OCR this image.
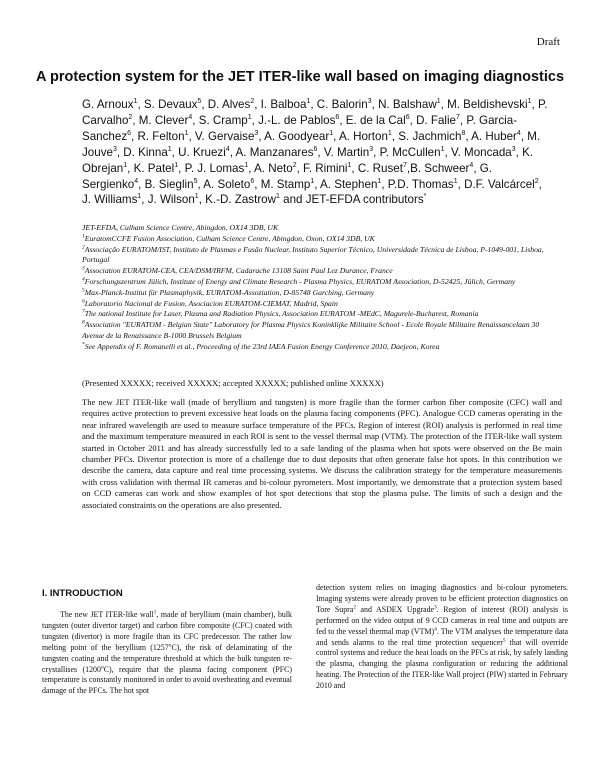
Draft
A protection system for the JET ITER-like wall based on imaging diagnostics
G. Arnoux$^1$, S. Devaux$^5$, D. Alves$^2$, I. Balboa$^1$, C. Balorin$^3$, N. Balshaw$^1$, M. Beldishevski$^1$, P. Carvalho$^2$, M. Clever$^4$, S. Cramp$^1$, J.-L. de Pablos$^6$, E. de la Cal$^6$, D. Falie$^7$, P. Garcia-Sanchez$^6$, R. Felton$^1$, V. Gervaise$^3$, A. Goodyear$^1$, A. Horton$^1$, S. Jachmich$^8$, A. Huber$^4$, M. Jouve$^3$, D. Kinna$^1$, U. Kruezi$^4$, A. Manzanares$^6$, V. Martin$^3$, P. McCullen$^1$, V. Moncada$^3$, K. Obrejan$^1$, K. Patel$^1$, P. J. Lomas$^1$, A. Neto$^2$, F. Rimini$^1$, C. Ruset$^7$,B. Schweer$^4$, G. Sergienko$^4$, B. Sieglin$^5$, A. Soleto$^6$, M. Stamp$^1$, A. Stephen$^1$, P.D. Thomas$^1$, D.F. Valcárcel$^2$, J. Williams$^1$, J. Wilson$^1$, K.-D. Zastrow$^1$ and JET-EFDA contributors*
JET-EFDA, Culham Science Centre, Abingdon, OX14 3DB, UK
$^1$EuratomCCFE Fusion Association, Culham Science Centre, Abingdon, Oxon, OX14 3DB, UK
$^2$Associação EURATOM/IST, Instituto de Plasmas e Fusão Nuclear, Instituto Superior Técnico, Universidade Técnica de Lisboa, P-1049-001, Lisboa, Portugal
$^3$Association EURATOM-CEA, CEA/DSM/IRFM, Cadarache 13108 Saint Paul Lez Durance, France
$^4$Forschungszentrum Jülich, Institute of Energy and Climate Research - Plasma Physics, EURATOM Association, D-52425, Jülich, Germany
$^5$Max-Planck-Institut für Plasmaphysik, EURATOM-Assoziation, D-85748 Garching, Germany
$^6$Laboratorio Nacional de Fusion, Asociacion EURATOM-CIEMAT, Madrid, Spain
$^7$The national Institute for Laser, Plasma and Radiation Physics, Association EURATOM -MEdC, Magurele-Bucharest, Romania
$^8$Association "EURATOM - Belgian State" Laboratory for Plasma Physics Koninklijke Militaire School - Ecole Royale Militaire Renaissancelaan 30 Avenue de la Renaissance B-1000 Brussels Belgium
*See Appendix of F. Romanelli et al., Proceeding of the 23rd IAEA Fusion Energy Conference 2010, Daejeon, Korea
(Presented XXXXX; received XXXXX; accepted XXXXX; published online XXXXX)
The new JET ITER-like wall (made of beryllium and tungsten) is more fragile than the former carbon fiber composite (CFC) wall and requires active protection to prevent excessive heat loads on the plasma facing components (PFC). Analogue CCD cameras operating in the near infrared wavelength are used to measure surface temperature of the PFCs. Region of interest (ROI) analysis is performed in real time and the maximum temperature measured in each ROI is sent to the vessel thermal map (VTM). The protection of the ITER-like wall system started in October 2011 and has already successfully led to a safe landing of the plasma when hot spots were observed on the Be main chamber PFCs. Divertor protection is more of a challenge due to dust deposits that often generate false hot spots. In this contribution we describe the camera, data capture and real time processing systems. We discuss the calibration strategy for the temperature measurements with cross validation with thermal IR cameras and bi-colour pyrometers. Most importantly, we demonstrate that a protection system based on CCD cameras can work and show examples of hot spot detections that stop the plasma pulse. The limits of such a design and the associated constraints on the operations are also presented.
I. INTRODUCTION
The new JET ITER-like wall$^1$, made of beryllium (main chamber), bulk tungsten (outer divertor target) and carbon fibre composite (CFC) coated with tungsten (divertor) is more fragile than its CFC predecessor. The rather low melting point of the beryllium (1257$^o$C), the risk of delaminating of the tungsten coating and the temperature threshold at which the bulk tungsten re-crystallises (1200$^o$C), require that the plasma facing component (PFC) temperature is constantly monitored in order to avoid overheating and eventual damage of the PFCs. The hot spot
detection system relies on imaging diagnostics and bi-colour pyrometers. Imaging systems were already proven to be efficient protection diagnostics on Tore Supra$^2$ and ASDEX Upgrade$^3$. Region of interest (ROI) analysis is performed on the video output of 9 CCD cameras in real time and outputs are fed to the vessel thermal map (VTM)$^4$. The VTM analyses the temperature data and sends alarms to the real time protection sequencer$^5$ that will override control systems and reduce the heat loads on the PFCs at risk, by safely landing the plasma, changing the plasma configuration or reducing the additional heating. The Protection of the ITER-like Wall project (PIW) started in February 2010 and
